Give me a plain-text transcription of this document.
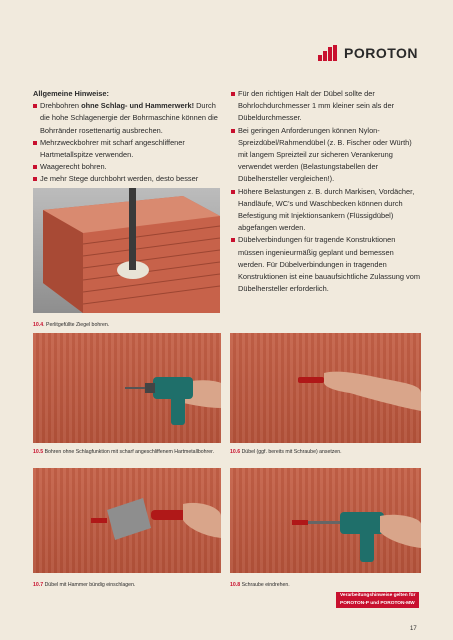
POROTON
Allgemeine Hinweise:
Drehbohren ohne Schlag- und Hammerwerk! Durch die hohe Schlagenergie der Bohrmaschine können die Bohrränder rosettenartig ausbrechen.
Mehrzweckbohrer mit scharf angeschliffener Hartmetallspitze verwenden.
Waagerecht bohren.
Je mehr Stege durchbohrt werden, desto besser
Für den richtigen Halt der Dübel sollte der Bohrlochdurchmesser 1 mm kleiner sein als der Dübeldurchmesser.
Bei geringen Anforderungen können Nylon-Spreizdübel/Rahmendübel (z. B. Fischer oder Würth) mit langem Spreizteil zur sicheren Verankerung verwendet werden (Belastungstabellen der Dübelhersteller vergleichen!).
Höhere Belastungen z. B. durch Markisen, Vordächer, Handläufe, WC's und Waschbecken können durch Befestigung mit Injektionsankern (Flüssigdübel) abgefangen werden.
Dübelverbindungen für tragende Konstruktionen müssen ingenieurmäßig geplant und bemessen werden. Für Dübelverbindungen in tragenden Konstruktionen ist eine bauaufsichtliche Zulassung vom Dübelhersteller erforderlich.
10.4. Perlitgefüllte Ziegel bohren.
10.5 Bohren ohne Schlagfunktion mit scharf angeschliffenem Hartmetallbohrer.	10.6 Dübel (ggf. bereits mit Schraube) ansetzen.
10.7 Dübel mit Hammer bündig einschlagen.	10.8 Schraube eindrehen.
Verarbeitungshinweise gelten für
POROTON-P und POROTON-MW
17
